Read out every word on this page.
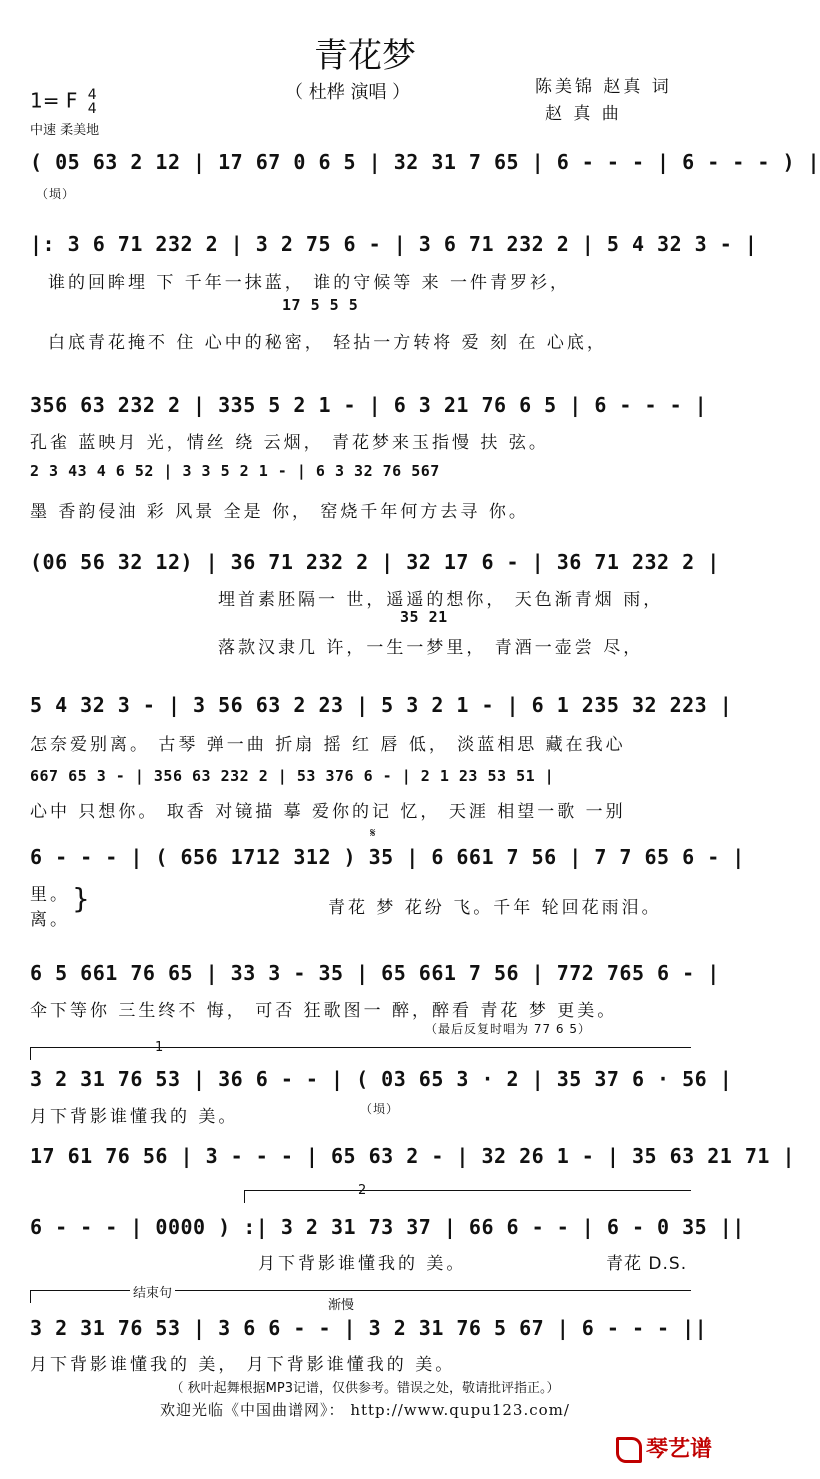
青花梦
（ 杜桦 演唱 ）	陈美锦 赵真 词
赵 真 曲
1= F 4
4
中速 柔美地
( 05 63 2 12 | 17 67 0 6 5 | 32 31 7 65 | 6 - - - | 6 - - - ) |
（埙）
|: 3 6 71 232 2 | 3 2 75 6 - | 3 6 71 232 2 | 5 4 32 3 - |
谁的回眸埋 下 千年一抹蓝， 谁的守候等 来 一件青罗衫，
17 5 5 5
白底青花掩不 住 心中的秘密， 轻拈一方转将 爱 刻 在 心底，
356 63 232 2 | 335 5 2 1 - | 6 3 21 76 6 5 | 6 - - - |
孔雀 蓝映月 光，情丝 绕 云烟， 青花梦来玉指慢 扶 弦。
2 3 43 4 6 52 | 3 3 5 2 1 - | 6 3 32 76 567
墨 香韵侵油 彩 风景 全是 你， 窑烧千年何方去寻 你。
(06 56 32 12) | 36 71 232 2 | 32 17 6 - | 36 71 232 2 |
埋首素胚隔一 世，遥遥的想你， 天色渐青烟 雨，
35 21
落款汉隶几 许，一生一梦里， 青酒一壶尝 尽，
5 4 32 3 - | 3 56 63 2 23 | 5 3 2 1 - | 6 1 235 32 223 |
怎奈爱别离。 古琴 弹一曲 折扇 摇 红 唇 低， 淡蓝相思 藏在我心
667 65 3 - | 356 63 232 2 | 53 376 6 - | 2 1 23 53 51 |
心中 只想你。 取香 对镜描 摹 爱你的记 忆， 天涯 相望一歌 一别
𝄋
6 - - - | ( 656 1712 312 ) 35 | 6 661 7 56 | 7 7 65 6 - |
里。
离。
}	青花 梦 花纷 飞。千年 轮回花雨泪。
6 5 661 76 65 | 33 3 - 35 | 65 661 7 56 | 772 765 6 - |
伞下等你 三生终不 悔， 可否 狂歌图一 醉，醉看 青花 梦 更美。
（最后反复时唱为 77 6 5）
1
3 2 31 76 53 | 36 6 - - | ( 03 65 3 · 2 | 35 37 6 · 56 |
月下背影谁懂我的 美。	（埙）
17 61 76 56 | 3 - - - | 65 63 2 - | 32 26 1 - | 35 63 21 71 |
2
6 - - - | 0000 ) :| 3 2 31 73 37 | 66 6 - - | 6 - 0 35 ||
月下背影谁懂我的 美。	青花 D.S.
结束句
渐慢
3 2 31 76 53 | 3 6 6 - - | 3 2 31 76 5 67 | 6 - - - ||
月下背影谁懂我的 美， 月下背影谁懂我的 美。
（ 秋叶起舞根据MP3记谱，仅供参考。错误之处，敬请批评指正。）
欢迎光临《中国曲谱网》： http://www.qupu123.com/
琴艺谱
